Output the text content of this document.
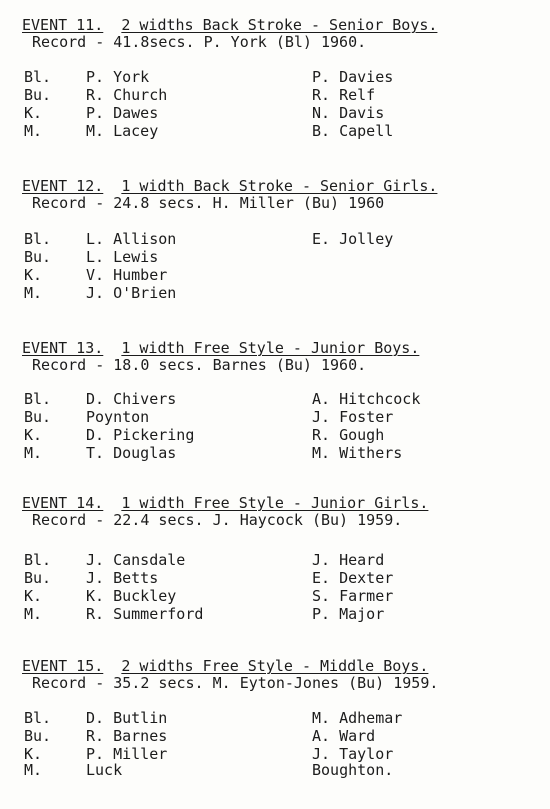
EVENT 11. 2 widths Back Stroke - Senior Boys.
Record - 41.8secs. P. York (Bl) 1960.
Bl. P. York	P. Davies
Bu. R. Church	R. Relf
K.	P. Dawes	N. Davis
M.	M. Lacey	B. Capell
EVENT 12. 1 width Back Stroke - Senior Girls.
Record - 24.8 secs. H. Miller (Bu) 1960
Bl. L. Allison	E. Jolley
Bu. L. Lewis
K.	V. Humber
M.	J. O'Brien
EVENT 13. 1 width Free Style - Junior Boys.
Record - 18.0 secs. Barnes (Bu) 1960.
Bl. D. Chivers	A. Hitchcock
Bu. Poynton	J. Foster
K.	D. Pickering	R. Gough
M.	T. Douglas	M. Withers
EVENT 14. 1 width Free Style - Junior Girls.
Record - 22.4 secs. J. Haycock (Bu) 1959.
Bl. J. Cansdale	J. Heard
Bu. J. Betts	E. Dexter
K.	K. Buckley	S. Farmer
M.	R. Summerford	P. Major
EVENT 15. 2 widths Free Style - Middle Boys.
Record - 35.2 secs. M. Eyton-Jones (Bu) 1959.
Bl. D. Butlin	M. Adhemar
Bu. R. Barnes	A. Ward
K.	P. Miller	J. Taylor
M.	Luck	Boughton.
